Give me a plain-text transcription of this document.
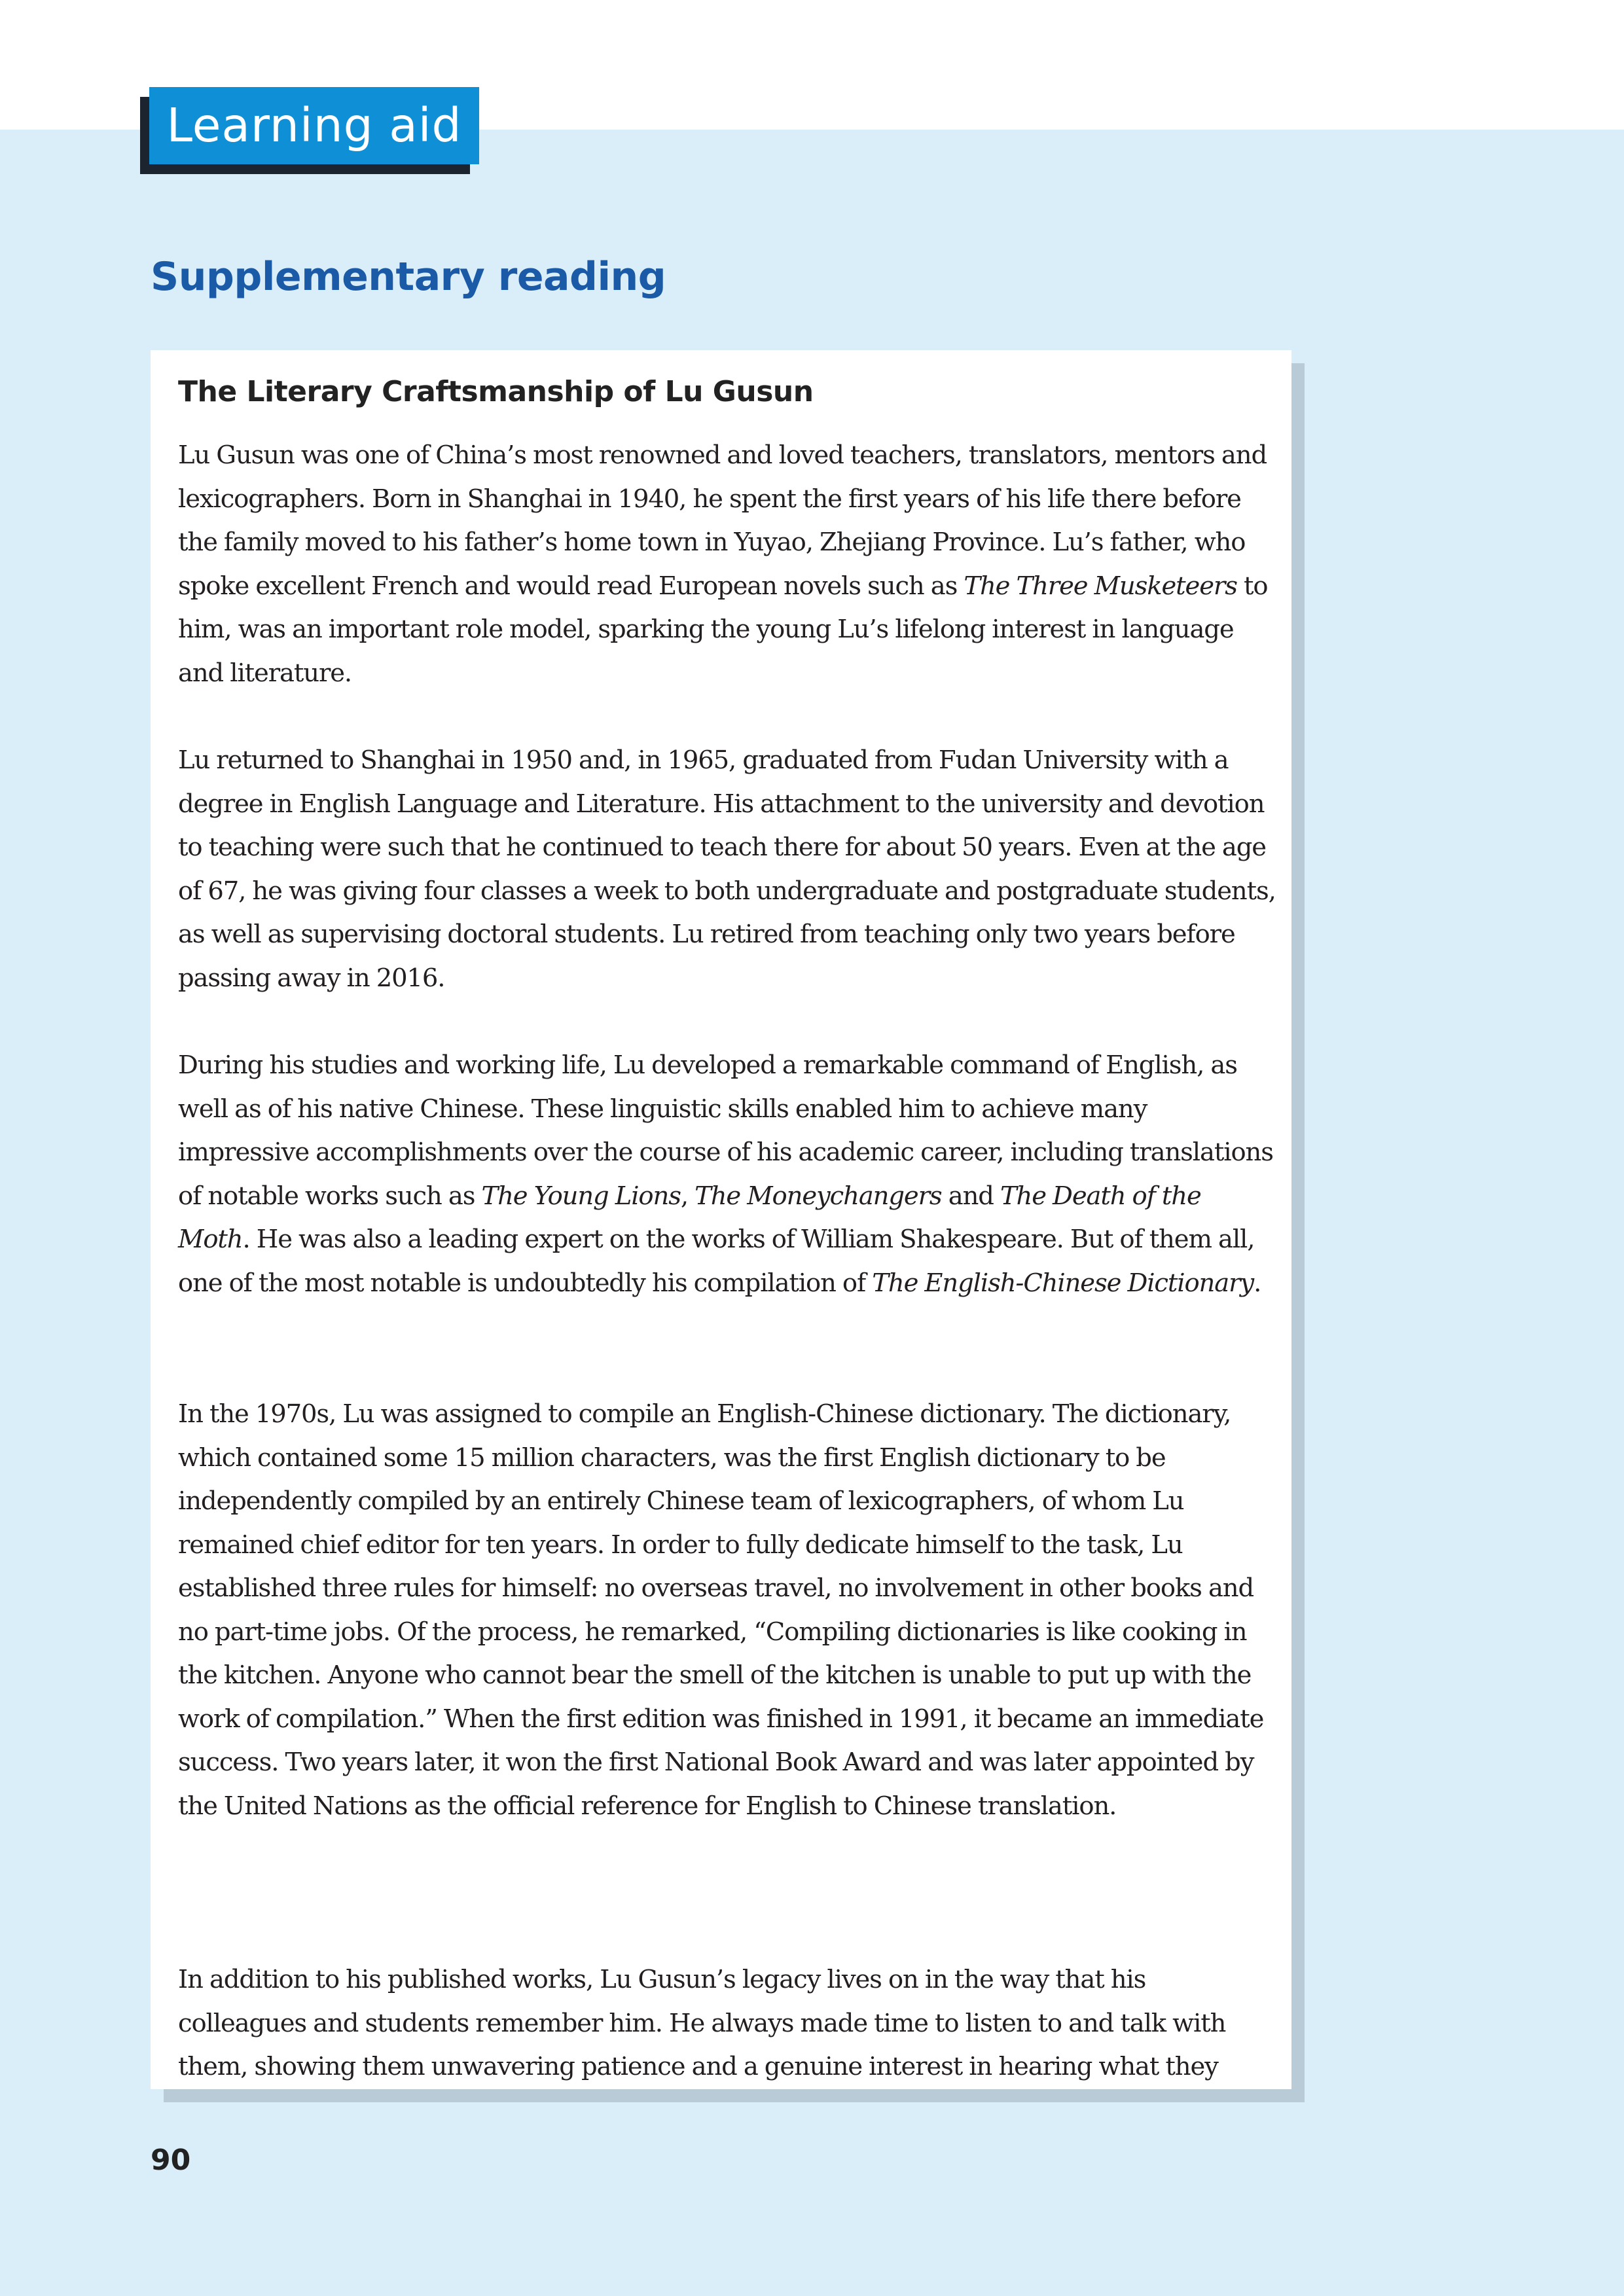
Learning aid
Supplementary reading
The Literary Craftsmanship of Lu Gusun

Lu Gusun was one of China’s most renowned and loved teachers, translators, mentors and lexicographers. Born in Shanghai in 1940, he spent the first years of his life there before the family moved to his father’s home town in Yuyao, Zhejiang Province. Lu’s father, who spoke excellent French and would read European novels such as The Three Musketeers to him, was an important role model, sparking the young Lu’s lifelong interest in language and literature.

Lu returned to Shanghai in 1950 and, in 1965, graduated from Fudan University with a degree in English Language and Literature. His attachment to the university and devotion to teaching were such that he continued to teach there for about 50 years. Even at the age of 67, he was giving four classes a week to both undergraduate and postgraduate students, as well as supervising doctoral students. Lu retired from teaching only two years before passing away in 2016.

During his studies and working life, Lu developed a remarkable command of English, as well as of his native Chinese. These linguistic skills enabled him to achieve many impressive accomplishments over the course of his academic career, including translations of notable works such as The Young Lions, The Moneychangers and The Death of the Moth. He was also a leading expert on the works of William Shakespeare. But of them all, one of the most notable is undoubtedly his compilation of The English-Chinese Dictionary.

In the 1970s, Lu was assigned to compile an English-Chinese dictionary. The dictionary, which contained some 15 million characters, was the first English dictionary to be independently compiled by an entirely Chinese team of lexicographers, of whom Lu remained chief editor for ten years. In order to fully dedicate himself to the task, Lu established three rules for himself: no overseas travel, no involvement in other books and no part-time jobs. Of the process, he remarked, “Compiling dictionaries is like cooking in the kitchen. Anyone who cannot bear the smell of the kitchen is unable to put up with the work of compilation.” When the first edition was finished in 1991, it became an immediate success. Two years later, it won the first National Book Award and was later appointed by the United Nations as the official reference for English to Chinese translation.

In addition to his published works, Lu Gusun’s legacy lives on in the way that his colleagues and students remember him. He always made time to listen to and talk with them, showing them unwavering patience and a genuine interest in hearing what they

90
